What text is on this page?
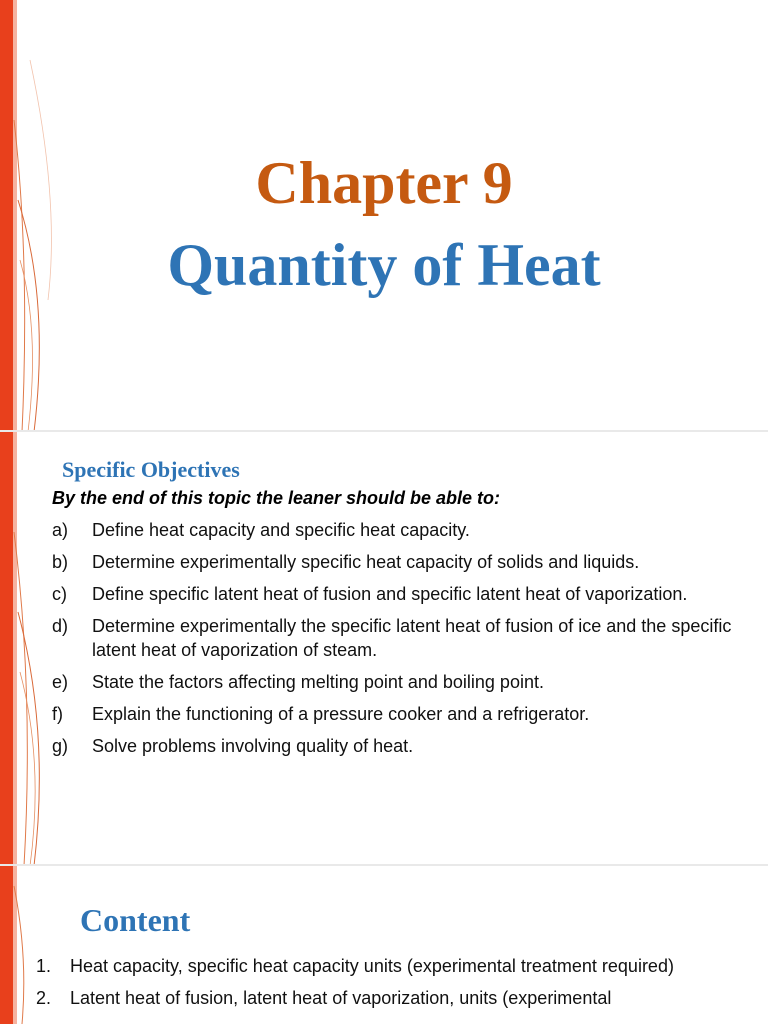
Chapter 9
Quantity of Heat
Specific Objectives
By the end of this topic the leaner should be able to:
a)	Define heat capacity and specific heat capacity.
b)	Determine experimentally specific heat capacity of solids and liquids.
c)	Define specific latent heat of fusion and specific latent heat of vaporization.
d)	Determine experimentally the specific latent heat of fusion of ice and the specific latent heat of vaporization of steam.
e)	State the factors affecting melting point and boiling point.
f)	Explain the functioning of a pressure cooker and a refrigerator.
g)	Solve problems involving quality of heat.
Content
1.	Heat capacity, specific heat capacity units (experimental treatment required)
2.	Latent heat of fusion, latent heat of vaporization, units (experimental
